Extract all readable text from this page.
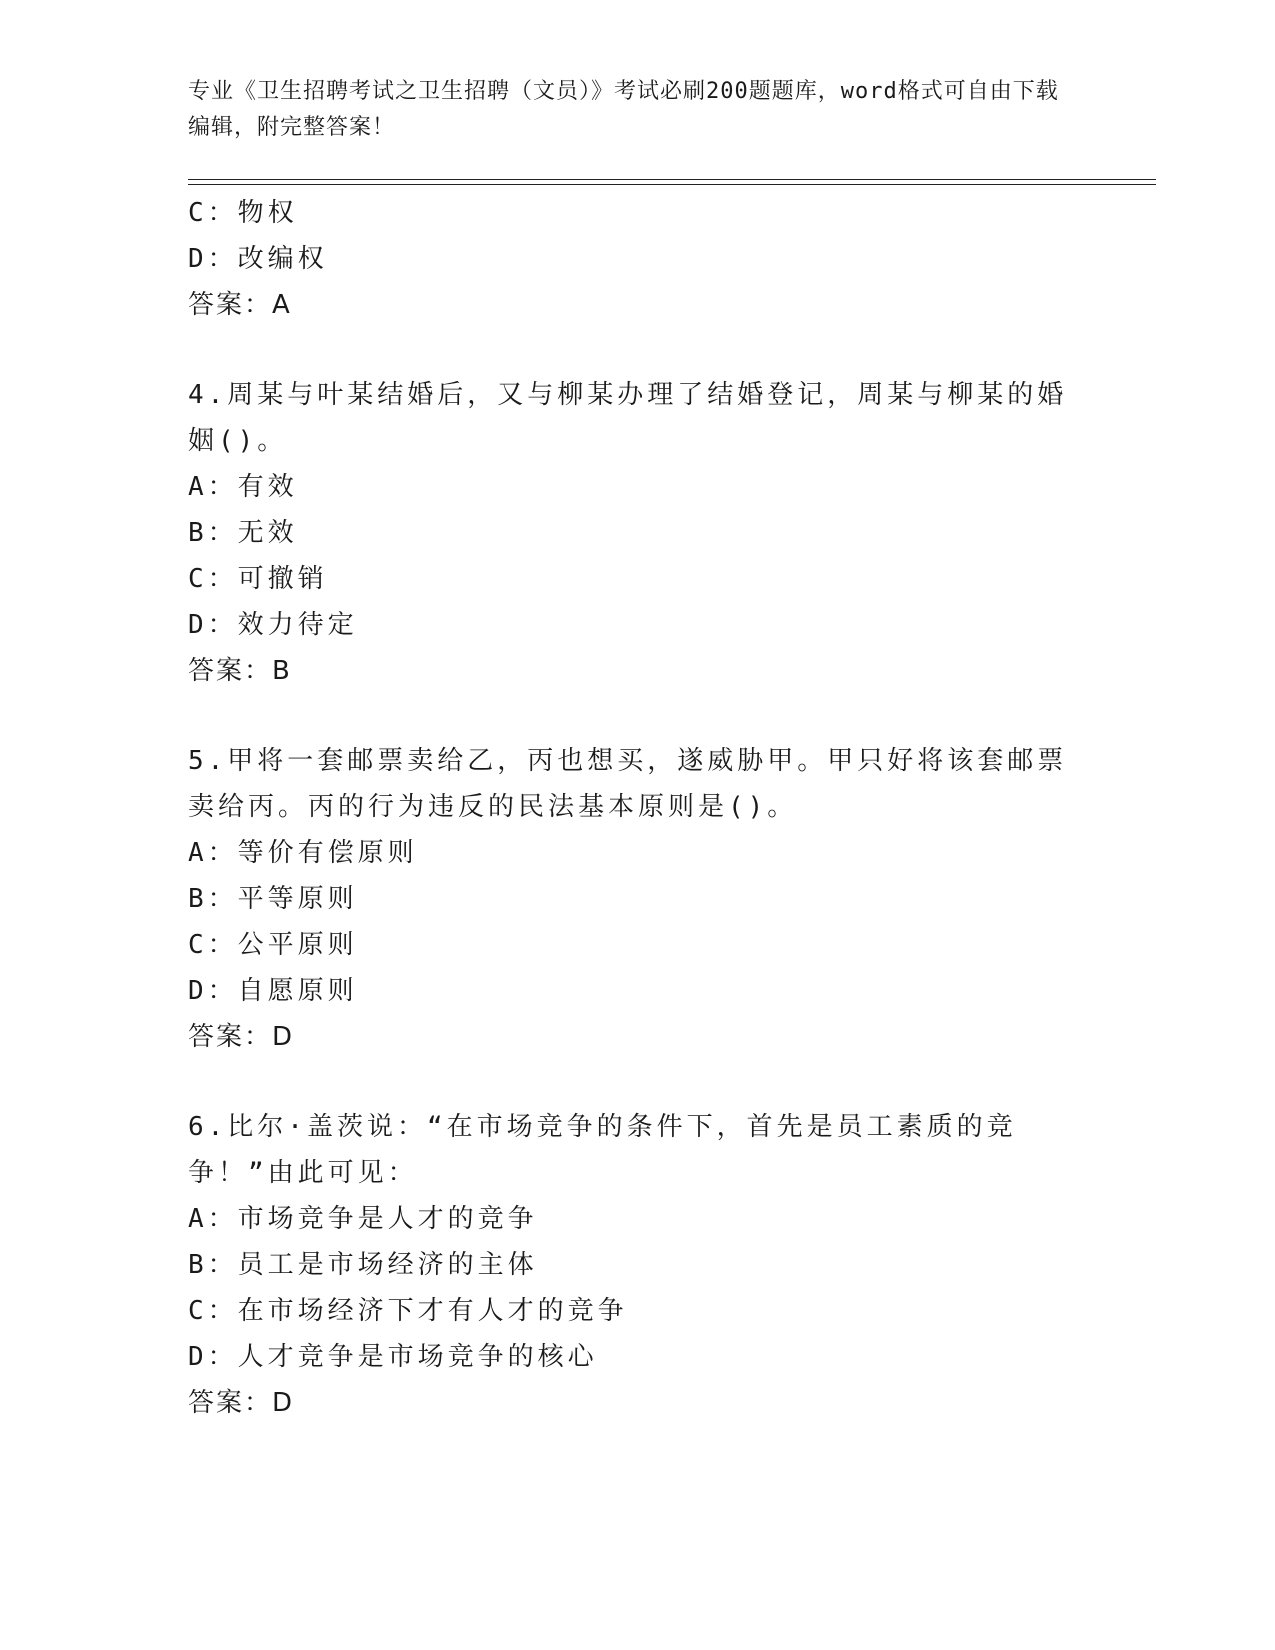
专业《卫生招聘考试之卫生招聘（文员）》考试必刷200题题库，word格式可自由下载编辑，附完整答案！
C：物权
D：改编权
答案：A
4.周某与叶某结婚后，又与柳某办理了结婚登记，周某与柳某的婚姻()。
A：有效
B：无效
C：可撤销
D：效力待定
答案：B
5.甲将一套邮票卖给乙，丙也想买，遂威胁甲。甲只好将该套邮票卖给丙。丙的行为违反的民法基本原则是()。
A：等价有偿原则
B：平等原则
C：公平原则
D：自愿原则
答案：D
6.比尔·盖茨说：“在市场竞争的条件下，首先是员工素质的竞争！”由此可见：
A：市场竞争是人才的竞争
B：员工是市场经济的主体
C：在市场经济下才有人才的竞争
D：人才竞争是市场竞争的核心
答案：D
